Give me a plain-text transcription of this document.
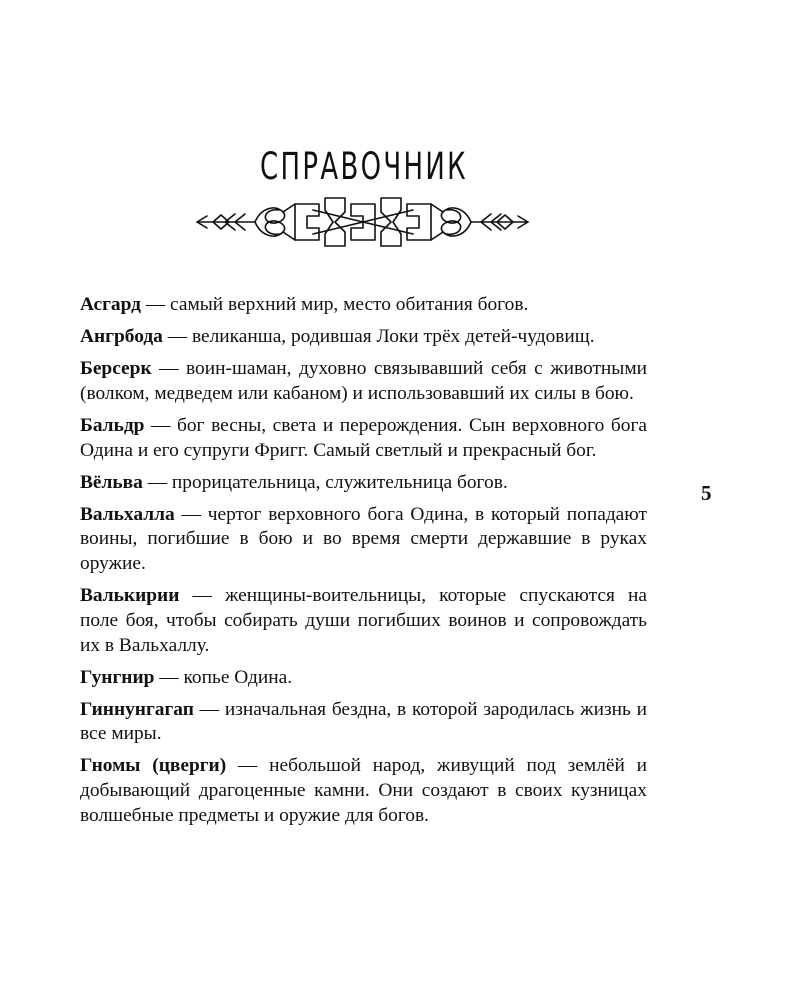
СПРАВОЧНИК
Асгард — самый верхний мир, место обитания богов.
Ангрбода — великанша, родившая Локи трёх детей-чудовищ.
Берсерк — воин-шаман, духовно связывавший себя с животными (волком, медведем или кабаном) и использовавший их силы в бою.
Бальдр — бог весны, света и перерождения. Сын верховного бога Одина и его супруги Фригг. Самый светлый и прекрасный бог.
Вёльва — прорицательница, служительница богов.
Вальхалла — чертог верховного бога Одина, в который попадают воины, погибшие в бою и во время смерти державшие в руках оружие.
Валькирии — женщины-воительницы, которые спускаются на поле боя, чтобы собирать души погибших воинов и сопровождать их в Вальхаллу.
Гунгнир — копье Одина.
Гиннунгагап — изначальная бездна, в которой зародилась жизнь и все миры.
Гномы (цверги) — небольшой народ, живущий под землёй и добывающий драгоценные камни. Они создают в своих кузницах волшебные предметы и оружие для богов.
5
